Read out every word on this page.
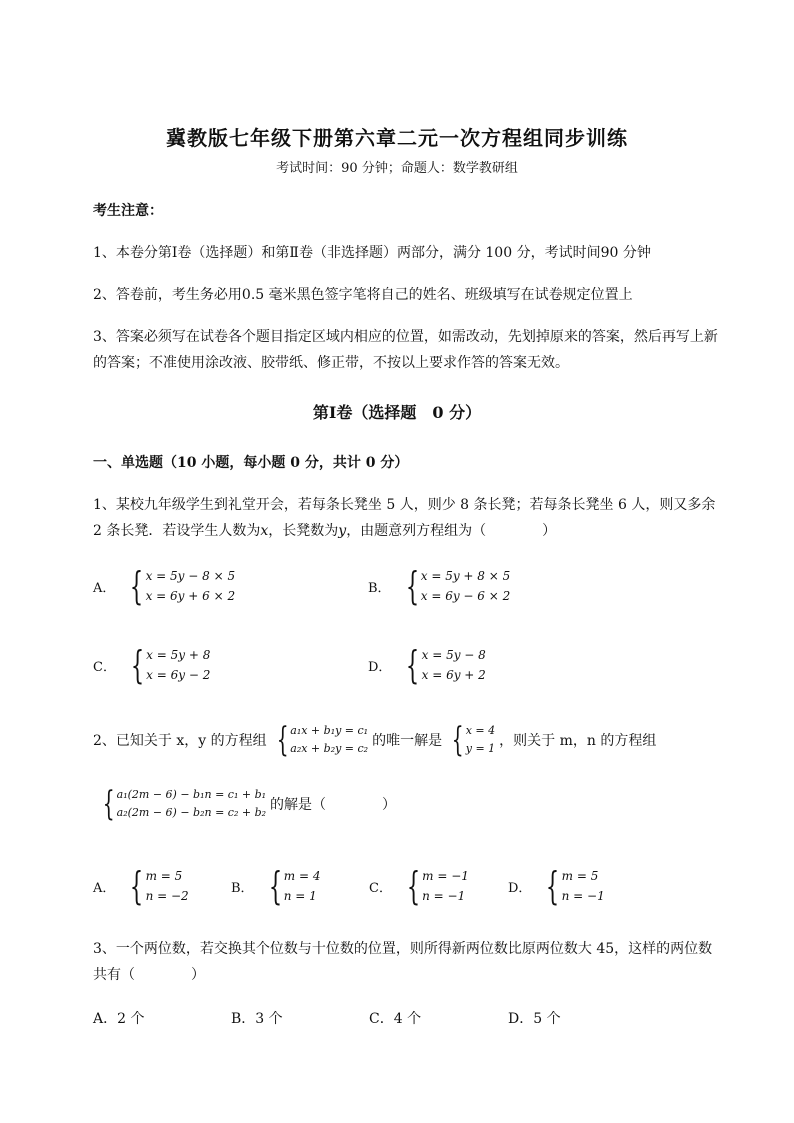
冀教版七年级下册第六章二元一次方程组同步训练
考试时间：90 分钟；命题人：数学教研组
考生注意：
1、本卷分第Ⅰ卷（选择题）和第Ⅱ卷（非选择题）两部分，满分 100 分，考试时间90 分钟
2、答卷前，考生务必用0.5 毫米黑色签字笔将自己的姓名、班级填写在试卷规定位置上
3、答案必须写在试卷各个题目指定区域内相应的位置，如需改动，先划掉原来的答案，然后再写上新
的答案；不准使用涂改液、胶带纸、修正带，不按以上要求作答的答案无效。
第Ⅰ卷（选择题　0 分）
一、单选题（10 小题，每小题 0 分，共计 0 分）
1、某校九年级学生到礼堂开会，若每条长凳坐 5 人，则少 8 条长凳；若每条长凳坐 6 人，则又多余
2 条长凳．若设学生人数为x，长凳数为y，由题意列方程组为（　　　　）
A． { x = 5y − 8 × 5
x = 6y + 6 × 2
B． { x = 5y + 8 × 5
x = 6y − 6 × 2
C． { x = 5y + 8
x = 6y − 2
D． { x = 5y − 8
x = 6y + 2
2、已知关于 x，y 的方程组 { a₁x + b₁y = c₁
a₂x + b₂y = c₂ 的唯一解是 { x = 4
y = 1 ，则关于 m，n 的方程组
{ a₁(2m − 6) − b₁n = c₁ + b₁
a₂(2m − 6) − b₂n = c₂ + b₂ 的解是（　　　　）
A． { m = 5
n = −2
B． { m = 4
n = 1
C． { m = −1
n = −1
D． { m = 5
n = −1
3、一个两位数，若交换其个位数与十位数的位置，则所得新两位数比原两位数大 45，这样的两位数
共有（　　　　）
A．2 个	B．3 个	C．4 个	D．5 个
